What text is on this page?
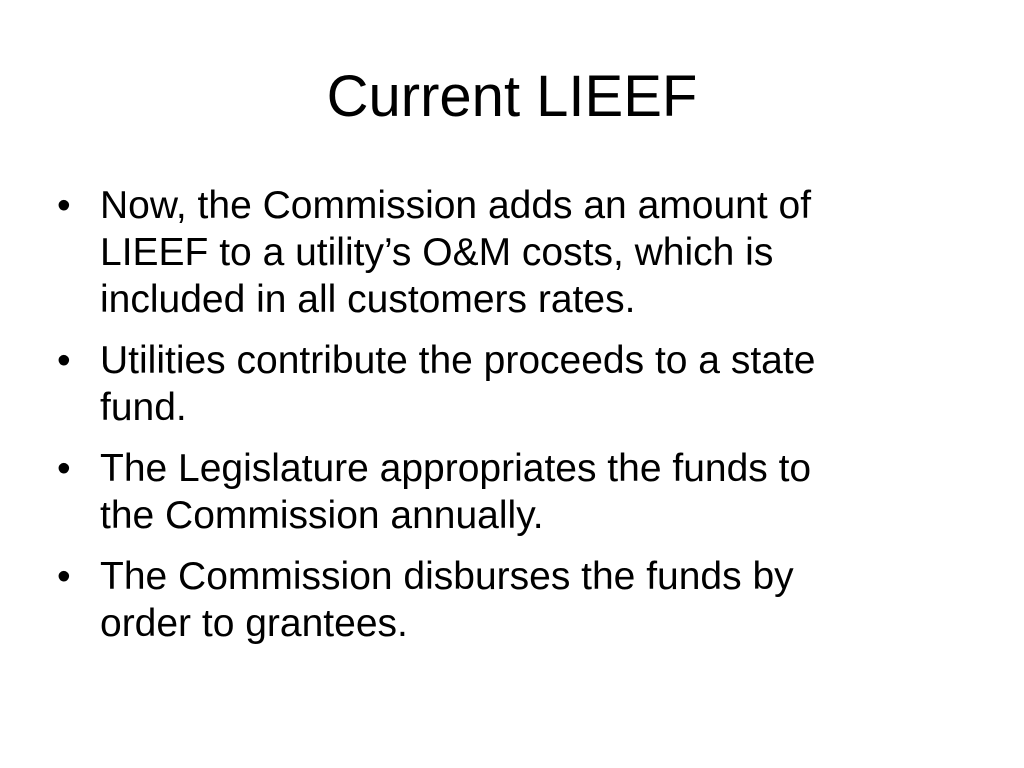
Current LIEEF
• Now, the Commission adds an amount of
LIEEF to a utility’s O&M costs, which is
included in all customers rates.
• Utilities contribute the proceeds to a state
fund.
• The Legislature appropriates the funds to
the Commission annually.
• The Commission disburses the funds by
order to grantees.
